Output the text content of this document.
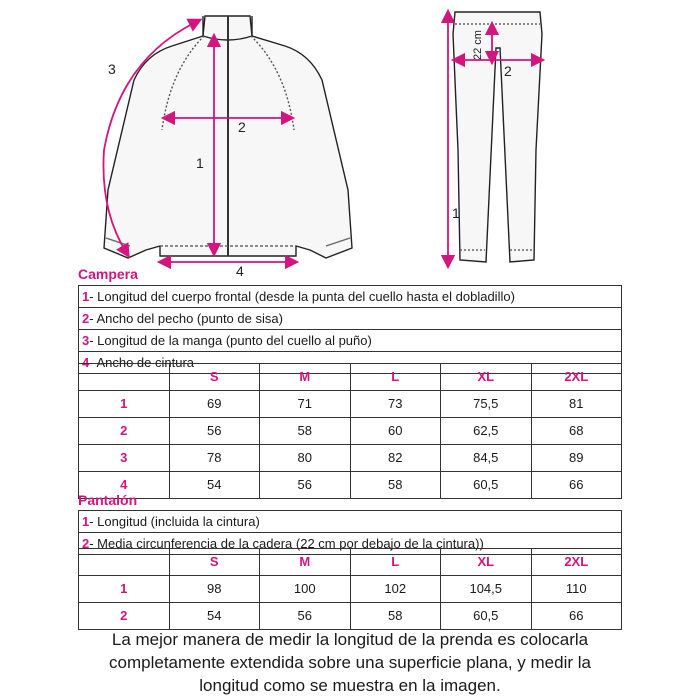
3
2
1
4
22 cm
2
1
Campera
1- Longitud del cuerpo frontal (desde la punta del cuello hasta el dobladillo)
2- Ancho del pecho (punto de sisa)
3- Longitud de la manga (punto del cuello al puño)
4- Ancho de cintura
	S	M	L	XL	2XL
1	69	71	73	75,5	81
2	56	58	60	62,5	68
3	78	80	82	84,5	89
4	54	56	58	60,5	66
Pantalón
1- Longitud (incluida la cintura)
2- Media circunferencia de la cadera (22 cm por debajo de la cintura))
	S	M	L	XL	2XL
1	98	100	102	104,5	110
2	54	56	58	60,5	66
La mejor manera de medir la longitud de la prenda es colocarla
completamente extendida sobre una superficie plana, y medir la
longitud como se muestra en la imagen.
